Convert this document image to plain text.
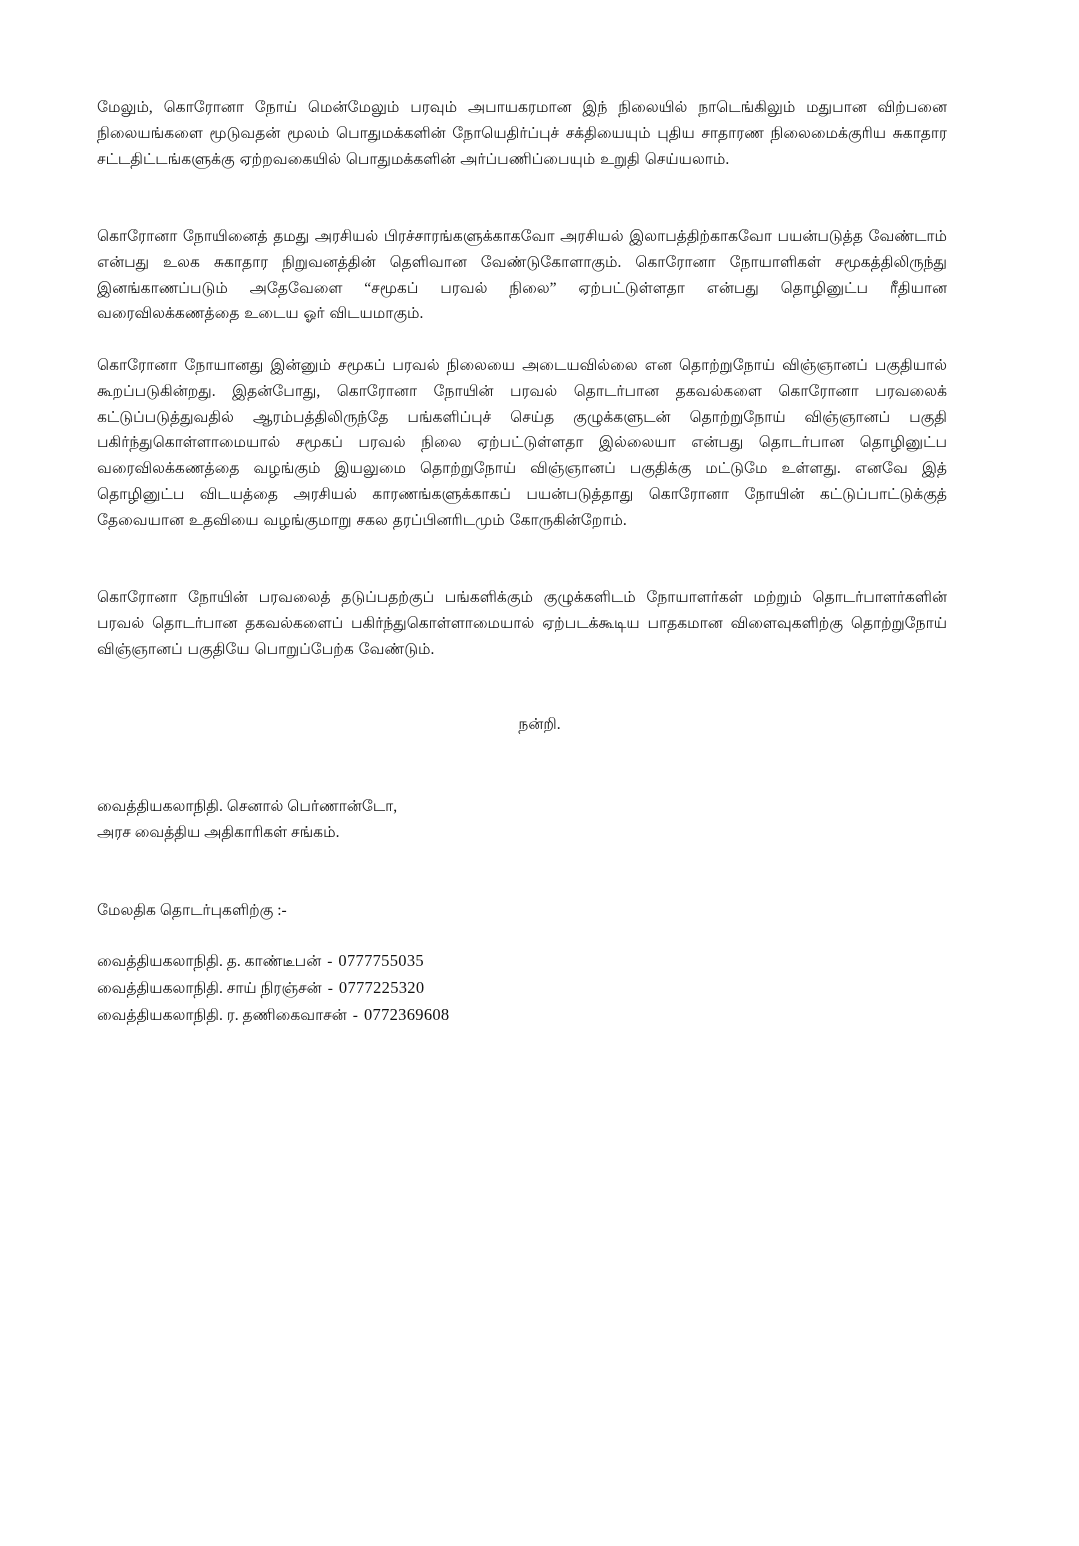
மேலும், கொரோனா நோய் மென்மேலும் பரவும் அபாயகரமான இந் நிலையில் நாடெங்கிலும் மதுபான விற்பனை நிலையங்களை மூடுவதன் மூலம் பொதுமக்களின் நோயெதிர்ப்புச் சக்தியையும் புதிய சாதாரண நிலைமைக்குரிய சுகாதார சட்டதிட்டங்களுக்கு ஏற்றவகையில் பொதுமக்களின் அர்ப்பணிப்பையும் உறுதி செய்யலாம்.

கொரோனா நோயினைத் தமது அரசியல் பிரச்சாரங்களுக்காகவோ அரசியல் இலாபத்திற்காகவோ பயன்படுத்த வேண்டாம் என்பது உலக சுகாதார நிறுவனத்தின் தெளிவான வேண்டுகோளாகும். கொரோனா நோயாளிகள் சமூகத்திலிருந்து இனங்காணப்படும் அதேவேளை “சமூகப் பரவல் நிலை” ஏற்பட்டுள்ளதா என்பது தொழினுட்ப ரீதியான வரைவிலக்கணத்தை உடைய ஓர் விடயமாகும்.

கொரோனா நோயானது இன்னும் சமூகப் பரவல் நிலையை அடையவில்லை என தொற்றுநோய் விஞ்ஞானப் பகுதியால் கூறப்படுகின்றது. இதன்போது, கொரோனா நோயின் பரவல் தொடர்பான தகவல்களை கொரோனா பரவலைக் கட்டுப்படுத்துவதில் ஆரம்பத்திலிருந்தே பங்களிப்புச் செய்த குழுக்களுடன் தொற்றுநோய் விஞ்ஞானப் பகுதி பகிர்ந்துகொள்ளாமையால் சமூகப் பரவல் நிலை ஏற்பட்டுள்ளதா இல்லையா என்பது தொடர்பான தொழினுட்ப வரைவிலக்கணத்தை வழங்கும் இயலுமை தொற்றுநோய் விஞ்ஞானப் பகுதிக்கு மட்டுமே உள்ளது. எனவே இத் தொழினுட்ப விடயத்தை அரசியல் காரணங்களுக்காகப் பயன்படுத்தாது கொரோனா நோயின் கட்டுப்பாட்டுக்குத் தேவையான உதவியை வழங்குமாறு சகல தரப்பினரிடமும் கோருகின்றோம்.

கொரோனா நோயின் பரவலைத் தடுப்பதற்குப் பங்களிக்கும் குழுக்களிடம் நோயாளர்கள் மற்றும் தொடர்பாளர்களின் பரவல் தொடர்பான தகவல்களைப் பகிர்ந்துகொள்ளாமையால் ஏற்படக்கூடிய பாதகமான விளைவுகளிற்கு தொற்றுநோய் விஞ்ஞானப் பகுதியே பொறுப்பேற்க வேண்டும்.

நன்றி.

வைத்தியகலாநிதி. செனால் பெர்ணான்டோ,

அரச வைத்திய அதிகாரிகள் சங்கம்.

மேலதிக தொடர்புகளிற்கு :-

வைத்தியகலாநிதி. த. காண்டீபன் - 0777755035
வைத்தியகலாநிதி. சாய் நிரஞ்சன் - 0777225320
வைத்தியகலாநிதி. ர. தணிகைவாசன் - 0772369608
